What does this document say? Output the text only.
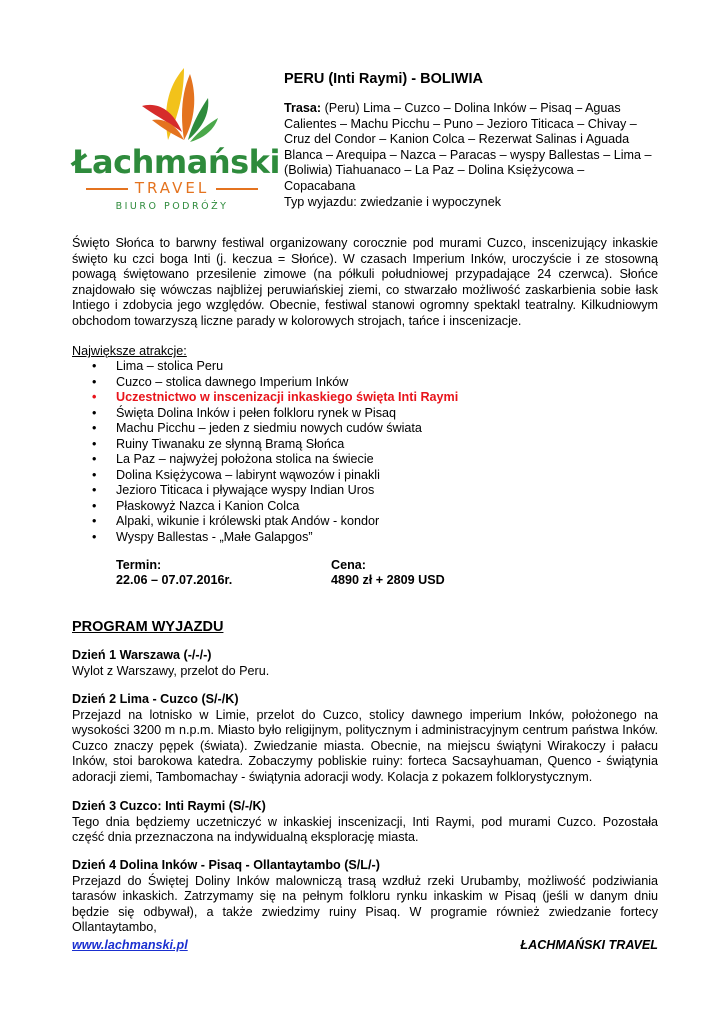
Łachmański
TRAVEL
BIURO PODRÓŻY
PERU (Inti Raymi) - BOLIWIA
Trasa: (Peru) Lima – Cuzco – Dolina Inków – Pisaq – Aguas Calientes – Machu Picchu – Puno – Jezioro Titicaca – Chivay – Cruz del Condor – Kanion Colca – Rezerwat Salinas i Aguada Blanca – Arequipa – Nazca – Paracas – wyspy Ballestas – Lima – (Boliwia) Tiahuanaco – La Paz – Dolina Księżycowa – Copacabana
Typ wyjazdu: zwiedzanie i wypoczynek
Święto Słońca to barwny festiwal organizowany corocznie pod murami Cuzco, inscenizujący inkaskie święto ku czci boga Inti (j. keczua = Słońce). W czasach Imperium Inków, uroczyście i ze stosowną powagą świętowano przesilenie zimowe (na półkuli południowej przypadające 24 czerwca). Słońce znajdowało się wówczas najbliżej peruwiańskiej ziemi, co stwarzało możliwość zaskarbienia sobie łask Intiego i zdobycia jego względów. Obecnie, festiwal stanowi ogromny spektakl teatralny. Kilkudniowym obchodom towarzyszą liczne parady w kolorowych strojach, tańce i inscenizacje.
Największe atrakcje:
• Lima – stolica Peru
• Cuzco – stolica dawnego Imperium Inków
• Uczestnictwo w inscenizacji inkaskiego święta Inti Raymi
• Święta Dolina Inków i pełen folkloru rynek w Pisaq
• Machu Picchu – jeden z siedmiu nowych cudów świata
• Ruiny Tiwanaku ze słynną Bramą Słońca
• La Paz – najwyżej położona stolica na świecie
• Dolina Księżycowa – labirynt wąwozów i pinakli
• Jezioro Titicaca i pływające wyspy Indian Uros
• Płaskowyż Nazca i Kanion Colca
• Alpaki, wikunie i królewski ptak Andów - kondor
• Wyspy Ballestas - „Małe Galapgos”
Termin:
22.06 – 07.07.2016r.
Cena:
4890 zł + 2809 USD
PROGRAM WYJAZDU
Dzień 1 Warszawa (-/-/-)
Wylot z Warszawy, przelot do Peru.
Dzień 2 Lima - Cuzco (S/-/K)
Przejazd na lotnisko w Limie, przelot do Cuzco, stolicy dawnego imperium Inków, położonego na wysokości 3200 m n.p.m. Miasto było religijnym, politycznym i administracyjnym centrum państwa Inków. Cuzco znaczy pępek (świata). Zwiedzanie miasta. Obecnie, na miejscu świątyni Wirakoczy i pałacu Inków, stoi barokowa katedra. Zobaczymy pobliskie ruiny: forteca Sacsayhuaman, Quenco - świątynia adoracji ziemi, Tambomachay - świątynia adoracji wody. Kolacja z pokazem folklorystycznym.
Dzień 3 Cuzco: Inti Raymi (S/-/K)
Tego dnia będziemy uczetniczyć w inkaskiej inscenizacji, Inti Raymi, pod murami Cuzco. Pozostała część dnia przeznaczona na indywidualną eksplorację miasta.
Dzień 4 Dolina Inków - Pisaq - Ollantaytambo (S/L/-)
Przejazd do Świętej Doliny Inków malowniczą trasą wzdłuż rzeki Urubamby, możliwość podziwiania tarasów inkaskich. Zatrzymamy się na pełnym folkloru rynku inkaskim w Pisaq (jeśli w danym dniu będzie się odbywał), a także zwiedzimy ruiny Pisaq. W programie również zwiedzanie fortecy Ollantaytambo,
www.lachmanski.pl	ŁACHMAŃSKI TRAVEL
